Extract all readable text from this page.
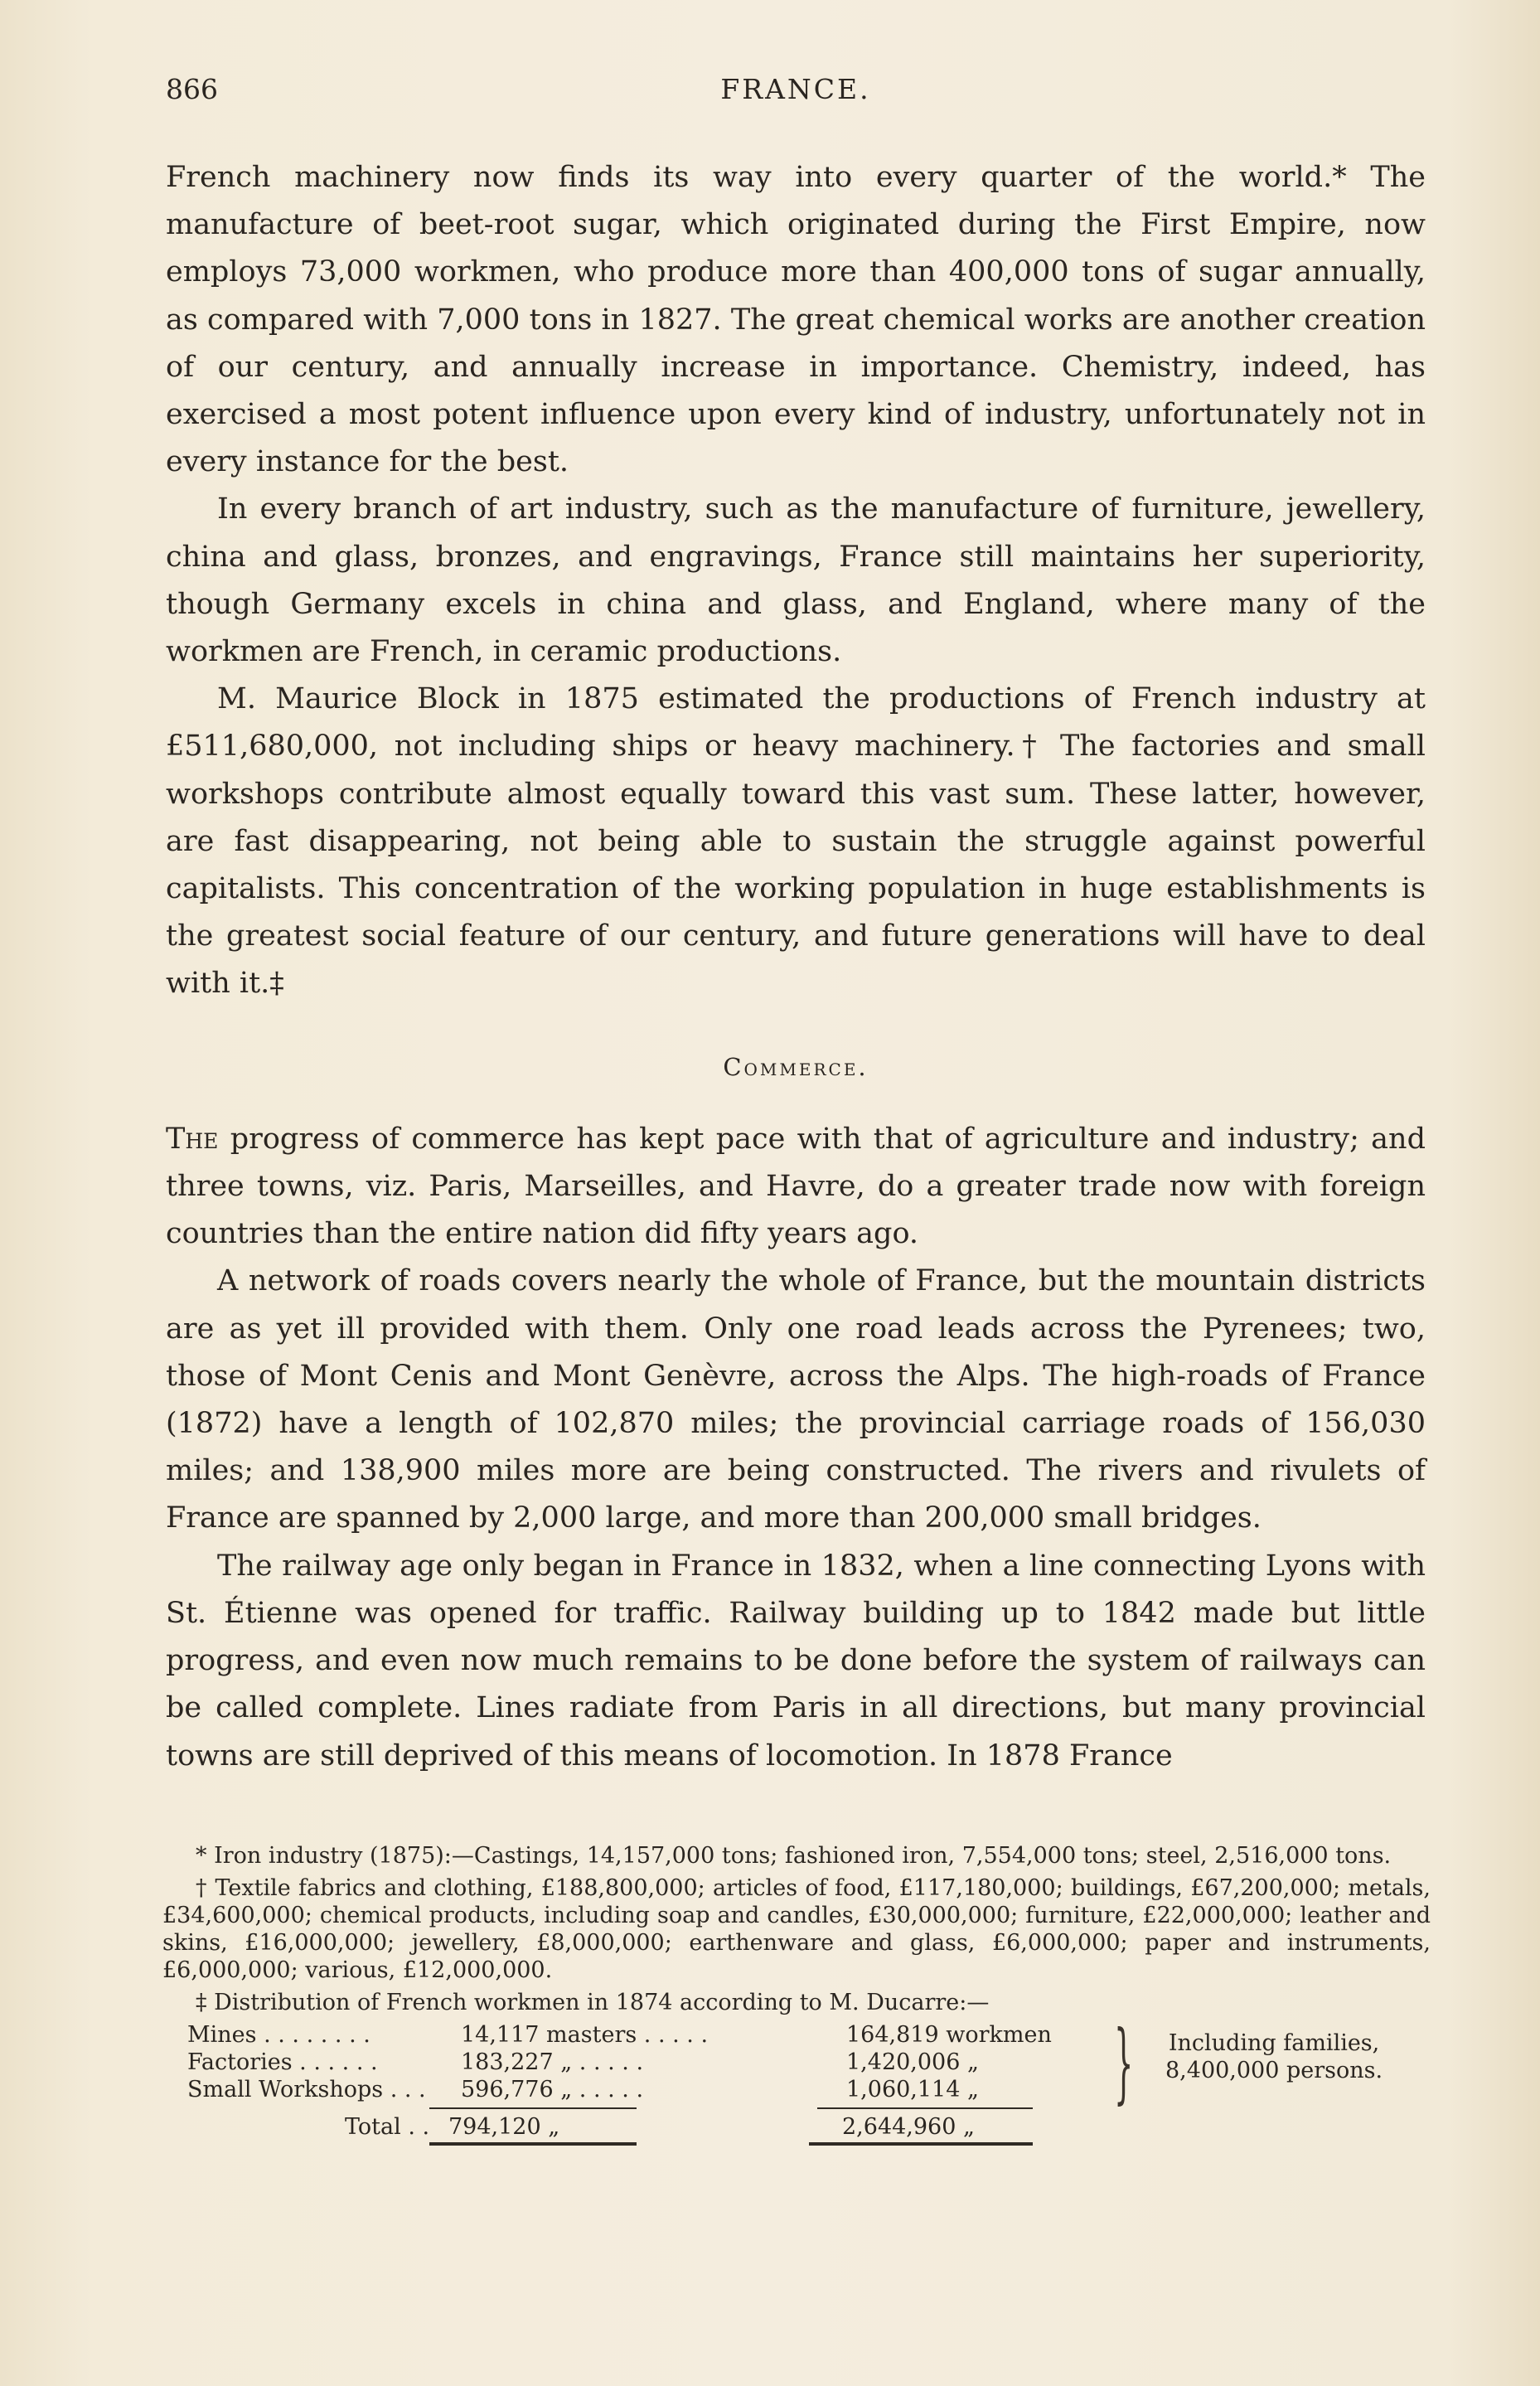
866	FRANCE.

French machinery now finds its way into every quarter of the world.* The manufacture of beet-root sugar, which originated during the First Empire, now employs 73,000 workmen, who produce more than 400,000 tons of sugar annually, as compared with 7,000 tons in 1827. The great chemical works are another creation of our century, and annually increase in importance. Chemistry, indeed, has exercised a most potent influence upon every kind of industry, unfortunately not in every instance for the best.

In every branch of art industry, such as the manufacture of furniture, jewellery, china and glass, bronzes, and engravings, France still maintains her superiority, though Germany excels in china and glass, and England, where many of the workmen are French, in ceramic productions.

M. Maurice Block in 1875 estimated the productions of French industry at £511,680,000, not including ships or heavy machinery.† The factories and small workshops contribute almost equally toward this vast sum. These latter, however, are fast disappearing, not being able to sustain the struggle against powerful capitalists. This concentration of the working population in huge establishments is the greatest social feature of our century, and future generations will have to deal with it.‡

Commerce.

The progress of commerce has kept pace with that of agriculture and industry; and three towns, viz. Paris, Marseilles, and Havre, do a greater trade now with foreign countries than the entire nation did fifty years ago.

A network of roads covers nearly the whole of France, but the mountain districts are as yet ill provided with them. Only one road leads across the Pyrenees; two, those of Mont Cenis and Mont Genèvre, across the Alps. The high-roads of France (1872) have a length of 102,870 miles; the provincial carriage roads of 156,030 miles; and 138,900 miles more are being constructed. The rivers and rivulets of France are spanned by 2,000 large, and more than 200,000 small bridges.

The railway age only began in France in 1832, when a line connecting Lyons with St. Étienne was opened for traffic. Railway building up to 1842 made but little progress, and even now much remains to be done before the system of railways can be called complete. Lines radiate from Paris in all directions, but many provincial towns are still deprived of this means of locomotion. In 1878 France

* Iron industry (1875):—Castings, 14,157,000 tons; fashioned iron, 7,554,000 tons; steel, 2,516,000 tons.

† Textile fabrics and clothing, £188,800,000; articles of food, £117,180,000; buildings, £67,200,000; metals, £34,600,000; chemical products, including soap and candles, £30,000,000; furniture, £22,000,000; leather and skins, £16,000,000; jewellery, £8,000,000; earthenware and glass, £6,000,000; paper and instruments, £6,000,000; various, £12,000,000.

‡ Distribution of French workmen in 1874 according to M. Ducarre:—

Mines . . . . . . . .	14,117 masters . . . . .	164,819 workmen
Factories . . . . . .	183,227 „ . . . . .	1,420,006 „
Small Workshops . . . 596,776 „ . . . . .	1,060,114 „ } Including families,
8,400,000 persons.
Total . . 794,120 „	2,644,960 „
